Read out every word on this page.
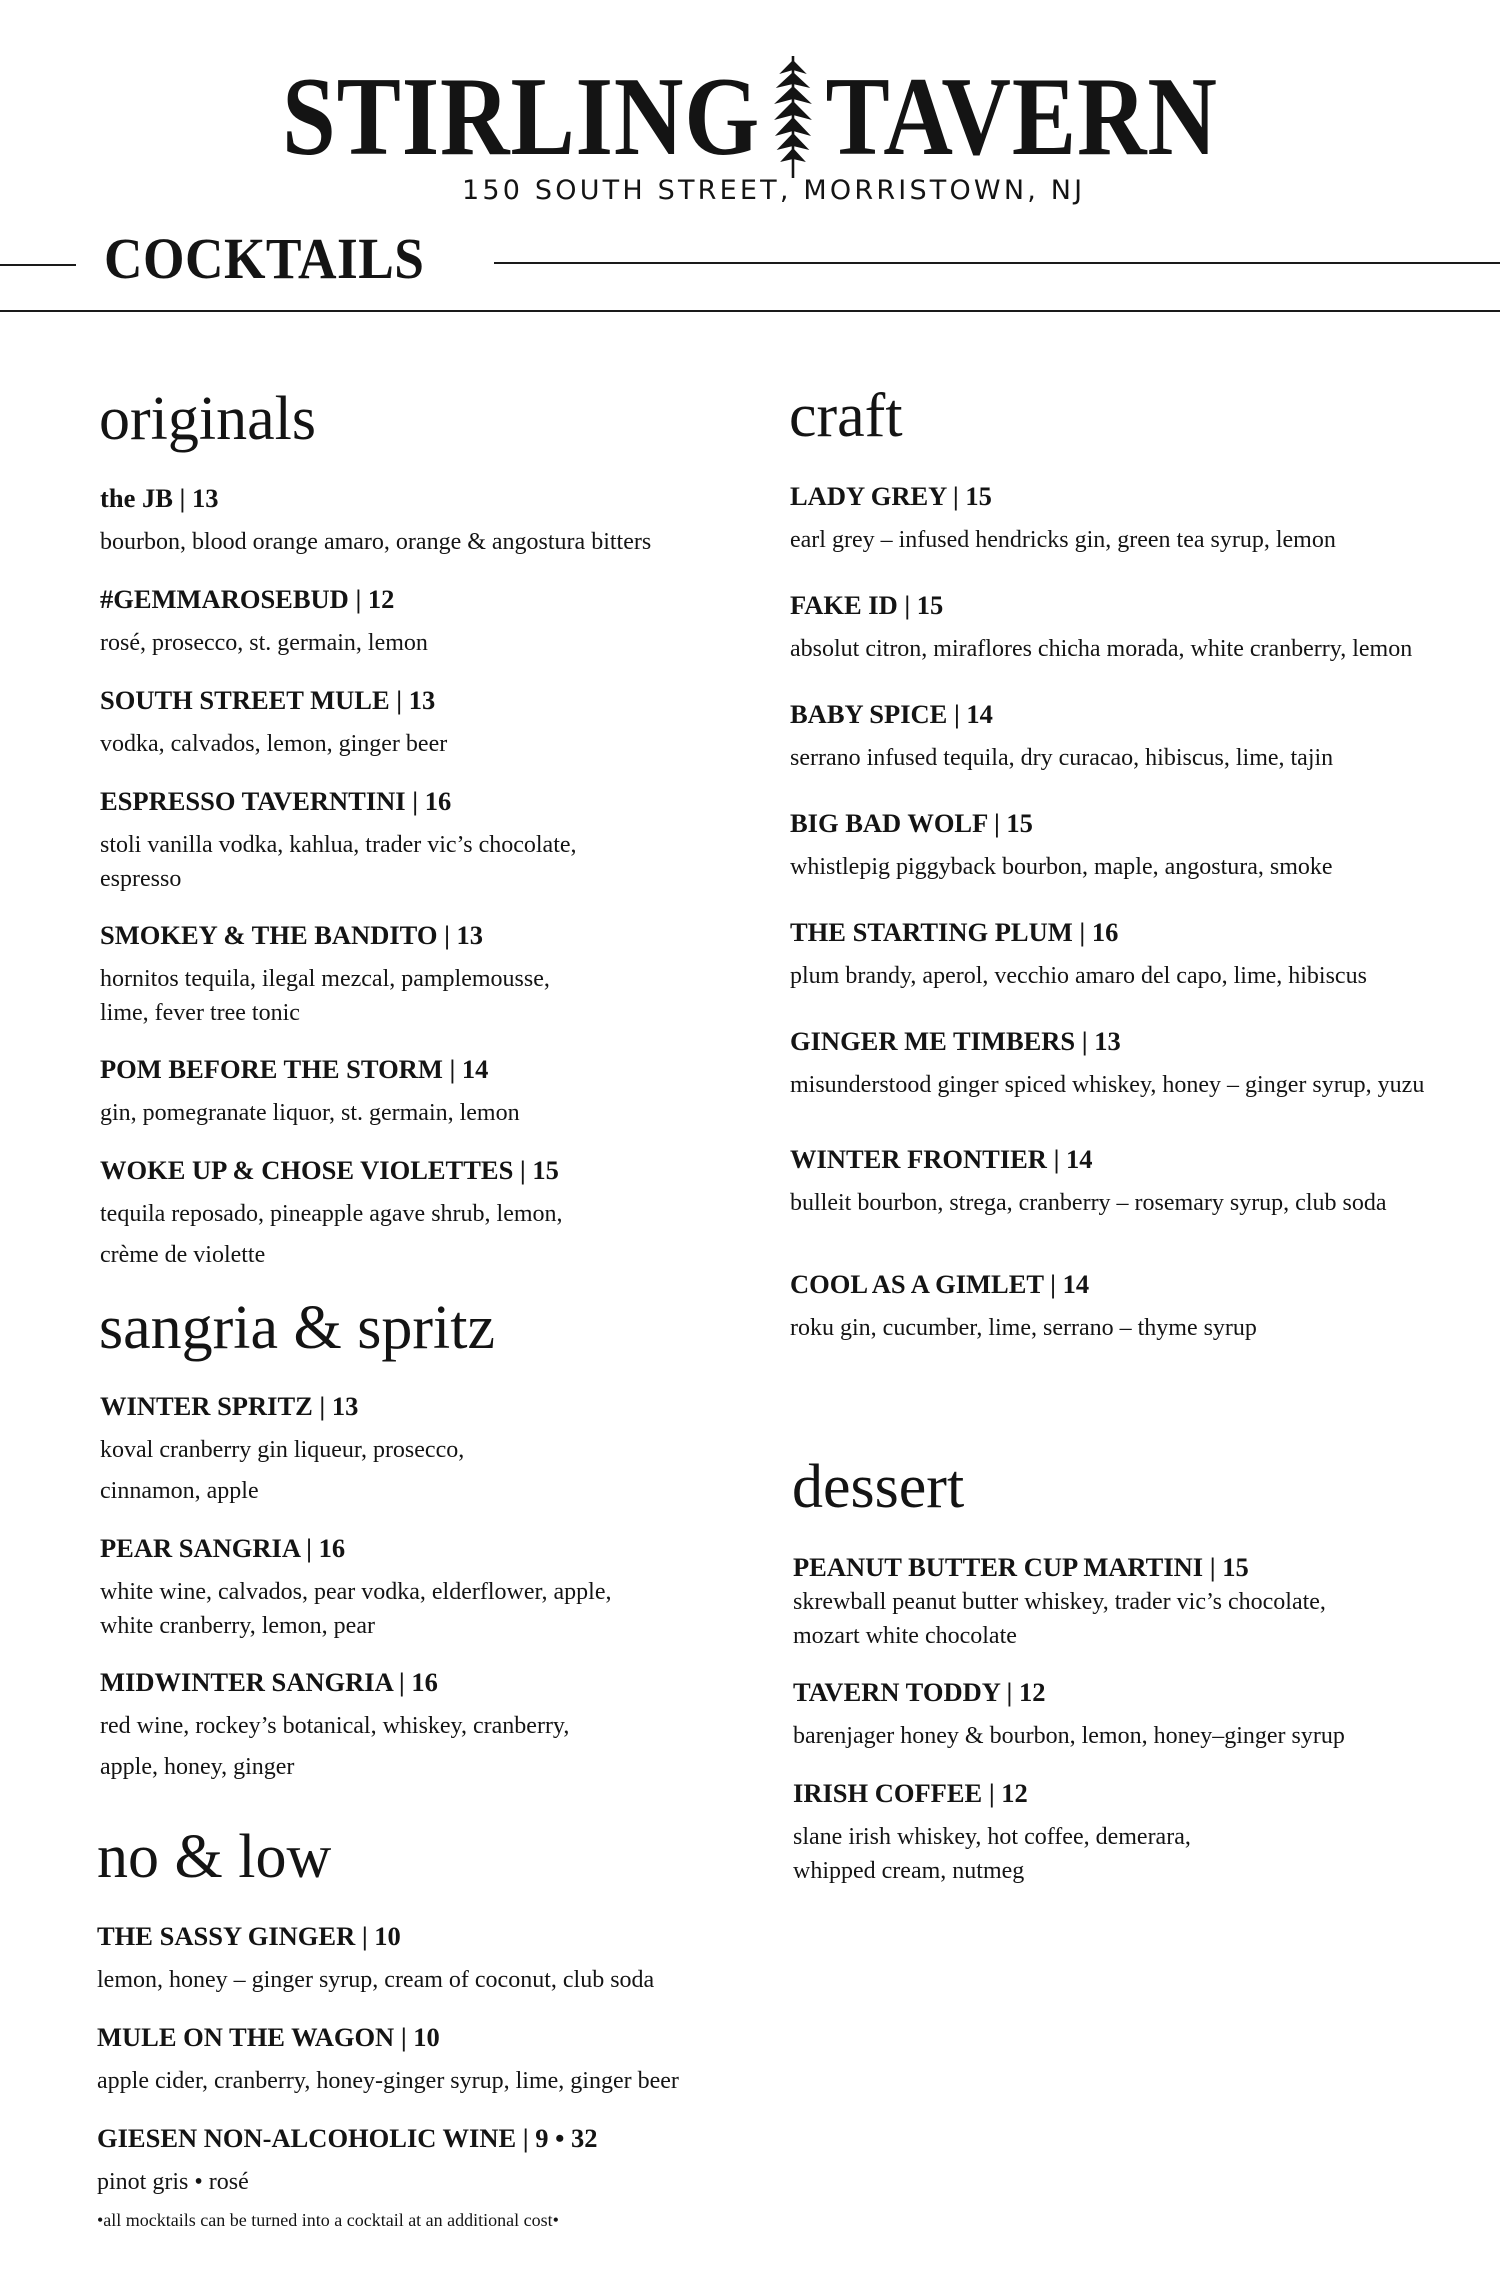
STIRLING TAVERN
150 SOUTH STREET, MORRISTOWN, NJ
COCKTAILS
originals
the JB | 13
bourbon, blood orange amaro, orange & angostura bitters
#GEMMAROSEBUD | 12
rosé, prosecco, st. germain, lemon
SOUTH STREET MULE | 13
vodka, calvados, lemon, ginger beer
ESPRESSO TAVERNTINI | 16
stoli vanilla vodka, kahlua, trader vic’s chocolate,
espresso
SMOKEY & THE BANDITO | 13
hornitos tequila, ilegal mezcal, pamplemousse,
lime, fever tree tonic
POM BEFORE THE STORM | 14
gin, pomegranate liquor, st. germain, lemon
WOKE UP & CHOSE VIOLETTES | 15
tequila reposado, pineapple agave shrub, lemon,
crème de violette
sangria & spritz
WINTER SPRITZ | 13
koval cranberry gin liqueur, prosecco,
cinnamon, apple
PEAR SANGRIA | 16
white wine, calvados, pear vodka, elderflower, apple,
white cranberry, lemon, pear
MIDWINTER SANGRIA | 16
red wine, rockey’s botanical, whiskey, cranberry,
apple, honey, ginger
no & low
THE SASSY GINGER | 10
lemon, honey – ginger syrup, cream of coconut, club soda
MULE ON THE WAGON | 10
apple cider, cranberry, honey-ginger syrup, lime, ginger beer
GIESEN NON-ALCOHOLIC WINE | 9 • 32
pinot gris • rosé
•all mocktails can be turned into a cocktail at an additional cost•
craft
LADY GREY | 15
earl grey – infused hendricks gin, green tea syrup, lemon
FAKE ID | 15
absolut citron, miraflores chicha morada, white cranberry, lemon
BABY SPICE | 14
serrano infused tequila, dry curacao, hibiscus, lime, tajin
BIG BAD WOLF | 15
whistlepig piggyback bourbon, maple, angostura, smoke
THE STARTING PLUM | 16
plum brandy, aperol, vecchio amaro del capo, lime, hibiscus
GINGER ME TIMBERS | 13
misunderstood ginger spiced whiskey, honey – ginger syrup, yuzu
WINTER FRONTIER | 14
bulleit bourbon, strega, cranberry – rosemary syrup, club soda
COOL AS A GIMLET | 14
roku gin, cucumber, lime, serrano – thyme syrup
dessert
PEANUT BUTTER CUP MARTINI | 15
skrewball peanut butter whiskey, trader vic’s chocolate,
mozart white chocolate
TAVERN TODDY | 12
barenjager honey & bourbon, lemon, honey–ginger syrup
IRISH COFFEE | 12
slane irish whiskey, hot coffee, demerara,
whipped cream, nutmeg
